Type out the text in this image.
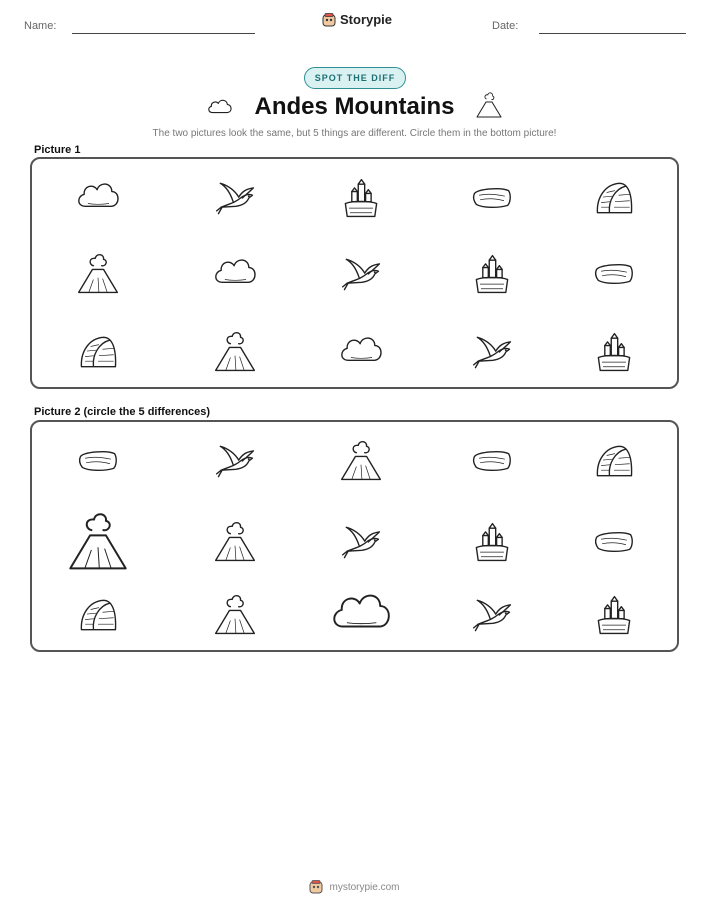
Name:	Storypie	Date:
SPOT THE DIFF
Andes Mountains
The two pictures look the same, but 5 things are different. Circle them in the bottom picture!
Picture 1
Picture 2 (circle the 5 differences)
mystorypie.com
